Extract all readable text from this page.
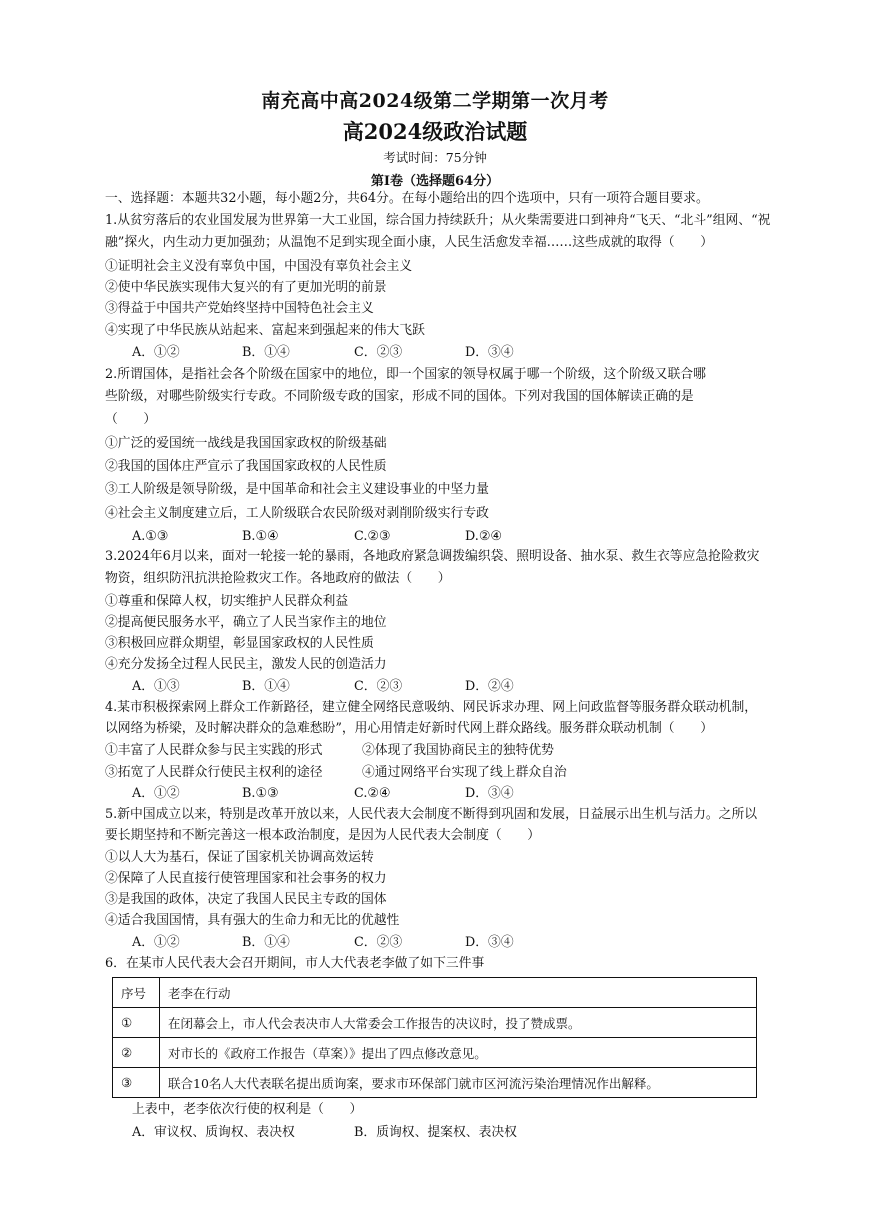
南充高中高2024级第二学期第一次月考
高2024级政治试题
考试时间：75分钟
第Ⅰ卷（选择题64分）
一、选择题：本题共32小题，每小题2分，共64分。在每小题给出的四个选项中，只有一项符合题目要求。
1.从贫穷落后的农业国发展为世界第一大工业国，综合国力持续跃升；从火柴需要进口到神舟“飞天、“北斗”组网、“祝
融”探火，内生动力更加强劲；从温饱不足到实现全面小康，人民生活愈发幸福……这些成就的取得（　　）
①证明社会主义没有辜负中国，中国没有辜负社会主义
②使中华民族实现伟大复兴的有了更加光明的前景
③得益于中国共产党始终坚持中国特色社会主义
④实现了中华民族从站起来、富起来到强起来的伟大飞跃
A．①②	B．①④	C．②③	D．③④
2.所谓国体，是指社会各个阶级在国家中的地位，即一个国家的领导权属于哪一个阶级，这个阶级又联合哪
些阶级，对哪些阶级实行专政。不同阶级专政的国家，形成不同的国体。下列对我国的国体解读正确的是
（　　）
①广泛的爱国统一战线是我国国家政权的阶级基础
②我国的国体庄严宣示了我国国家政权的人民性质
③工人阶级是领导阶级，是中国革命和社会主义建设事业的中坚力量
④社会主义制度建立后，工人阶级联合农民阶级对剥削阶级实行专政
A.①③	B.①④	C.②③	D.②④
3.2024年6月以来，面对一轮接一轮的暴雨，各地政府紧急调拨编织袋、照明设备、抽水泵、救生衣等应急抢险救灾
物资，组织防汛抗洪抢险救灾工作。各地政府的做法（　　）
①尊重和保障人权，切实维护人民群众利益
②提高便民服务水平，确立了人民当家作主的地位
③积极回应群众期望，彰显国家政权的人民性质
④充分发扬全过程人民民主，激发人民的创造活力
A．①③	B．①④	C．②③	D．②④
4.某市积极探索网上群众工作新路径，建立健全网络民意吸纳、网民诉求办理、网上问政监督等服务群众联动机制，
以网络为桥梁，及时解决群众的急难愁盼”，用心用情走好新时代网上群众路线。服务群众联动机制（　　）
①丰富了人民群众参与民主实践的形式	②体现了我国协商民主的独特优势
③拓宽了人民群众行使民主权利的途径	④通过网络平台实现了线上群众自治
A．①②	B.①③	C.②④	D．③④
5.新中国成立以来，特别是改革开放以来，人民代表大会制度不断得到巩固和发展，日益展示出生机与活力。之所以
要长期坚持和不断完善这一根本政治制度，是因为人民代表大会制度（　　）
①以人大为基石，保证了国家机关协调高效运转
②保障了人民直接行使管理国家和社会事务的权力
③是我国的政体，决定了我国人民民主专政的国体
④适合我国国情，具有强大的生命力和无比的优越性
A．①②	B．①④	C．②③	D．③④
6．在某市人民代表大会召开期间，市人大代表老李做了如下三件事
序号	老李在行动
①	在闭幕会上，市人代会表决市人大常委会工作报告的决议时，投了赞成票。
②	对市长的《政府工作报告（草案）》提出了四点修改意见。
③	联合10名人大代表联名提出质询案，要求市环保部门就市区河流污染治理情况作出解释。
上表中，老李依次行使的权利是（　　）
A．审议权、质询权、表决权	B．质询权、提案权、表决权
